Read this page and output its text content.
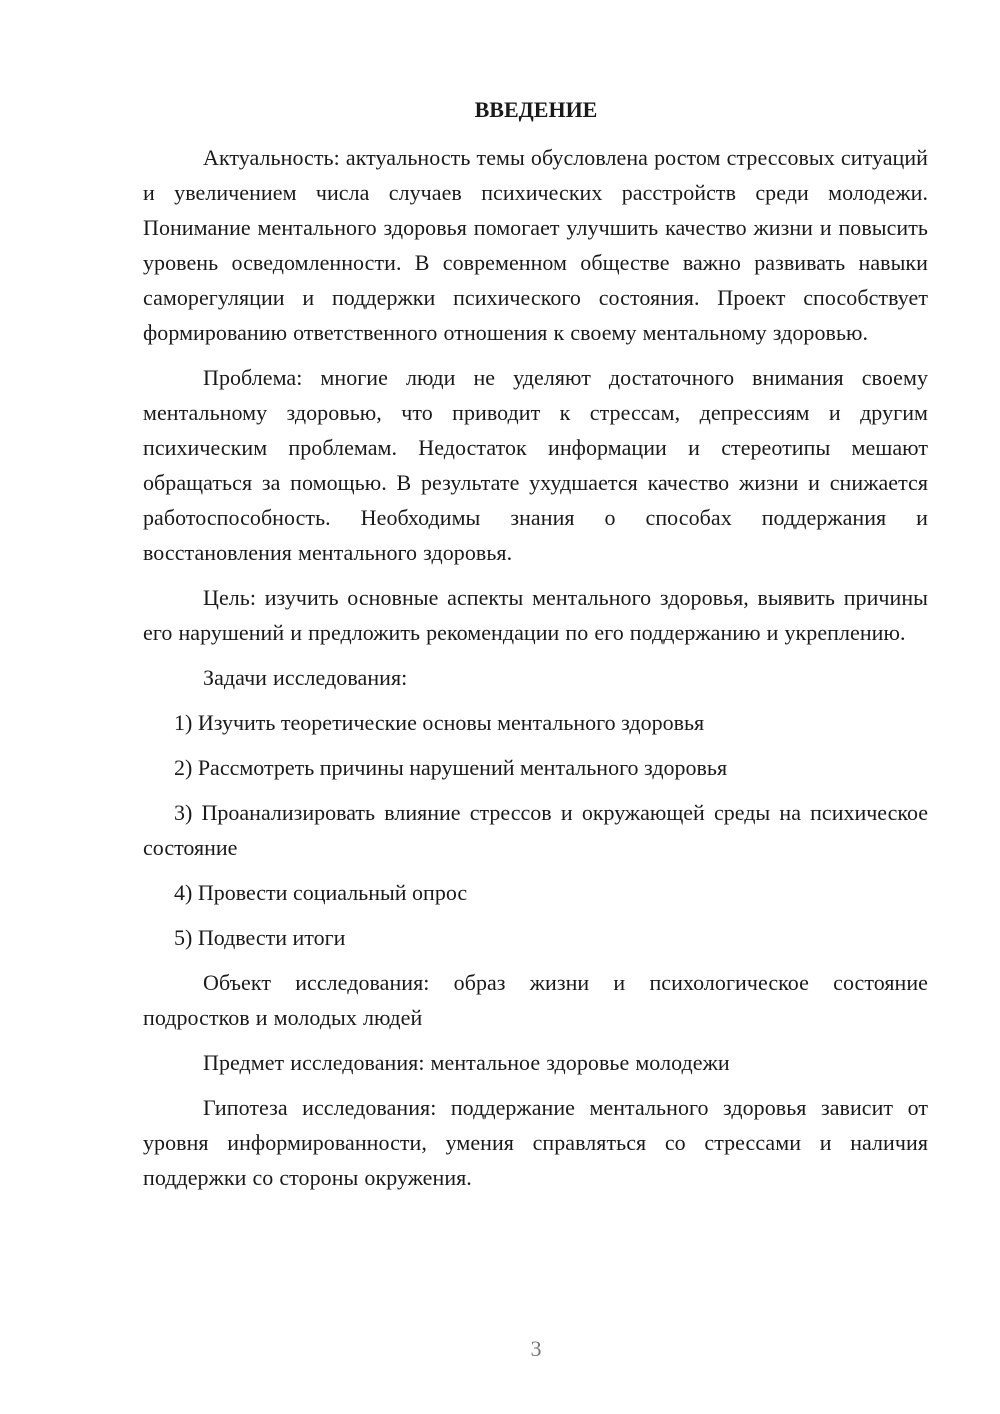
ВВЕДЕНИЕ

Актуальность: актуальность темы обусловлена ростом стрессовых ситуаций и увеличением числа случаев психических расстройств среди молодежи. Понимание ментального здоровья помогает улучшить качество жизни и повысить уровень осведомленности. В современном обществе важно развивать навыки саморегуляции и поддержки психического состояния. Проект способствует формированию ответственного отношения к своему ментальному здоровью.

Проблема: многие люди не уделяют достаточного внимания своему ментальному здоровью, что приводит к стрессам, депрессиям и другим психическим проблемам. Недостаток информации и стереотипы мешают обращаться за помощью. В результате ухудшается качество жизни и снижается работоспособность. Необходимы знания о способах поддержания и восстановления ментального здоровья.

Цель: изучить основные аспекты ментального здоровья, выявить причины его нарушений и предложить рекомендации по его поддержанию и укреплению.

Задачи исследования:

1) Изучить теоретические основы ментального здоровья

2) Рассмотреть причины нарушений ментального здоровья

3) Проанализировать влияние стрессов и окружающей среды на психическое состояние

4) Провести социальный опрос

5) Подвести итоги

Объект исследования: образ жизни и психологическое состояние подростков и молодых людей

Предмет исследования: ментальное здоровье молодежи

Гипотеза исследования: поддержание ментального здоровья зависит от уровня информированности, умения справляться со стрессами и наличия поддержки со стороны окружения.

3
